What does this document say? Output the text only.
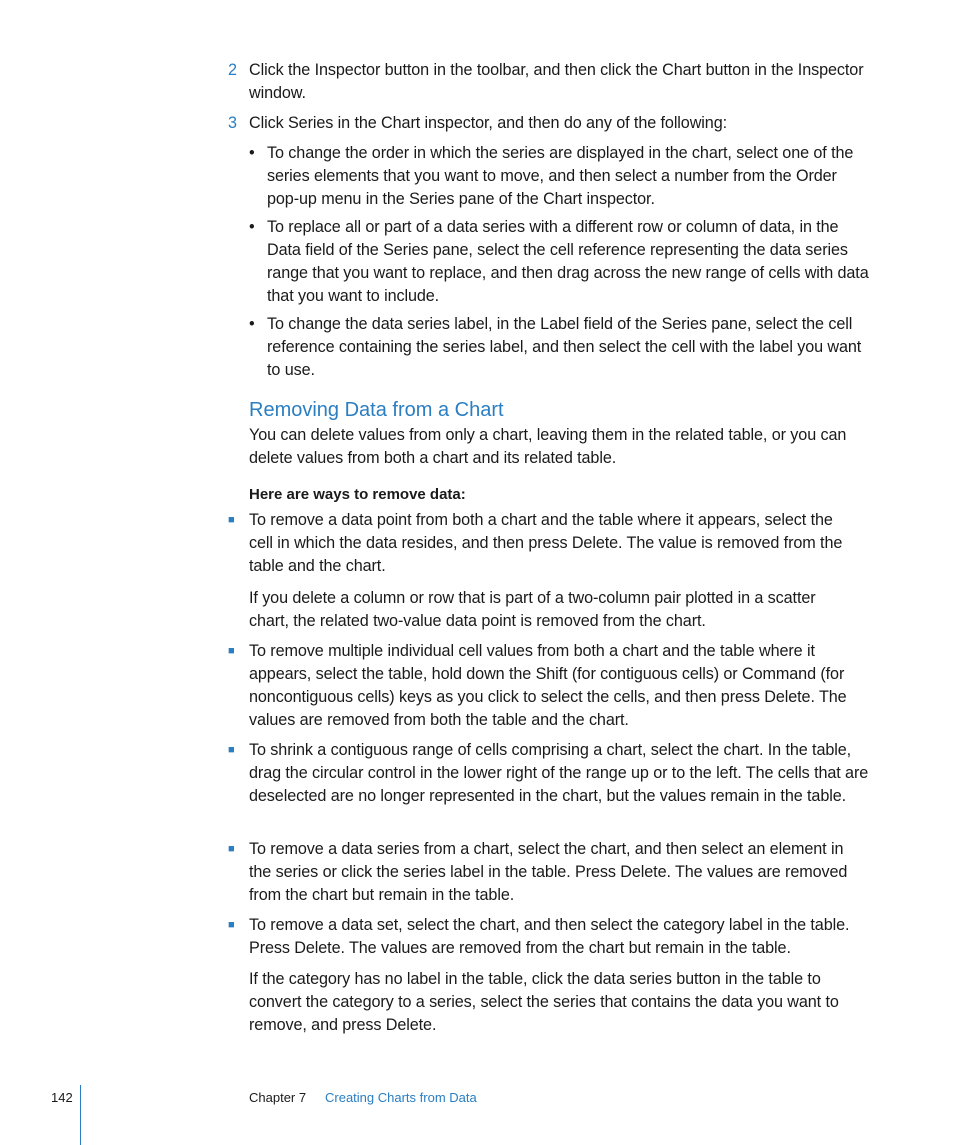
2 Click the Inspector button in the toolbar, and then click the Chart button in the Inspector window.
3 Click Series in the Chart inspector, and then do any of the following:
• To change the order in which the series are displayed in the chart, select one of the series elements that you want to move, and then select a number from the Order pop-up menu in the Series pane of the Chart inspector.
• To replace all or part of a data series with a different row or column of data, in the Data field of the Series pane, select the cell reference representing the data series range that you want to replace, and then drag across the new range of cells with data that you want to include.
• To change the data series label, in the Label field of the Series pane, select the cell reference containing the series label, and then select the cell with the label you want to use.
Removing Data from a Chart
You can delete values from only a chart, leaving them in the related table, or you can delete values from both a chart and its related table.
Here are ways to remove data:
■ To remove a data point from both a chart and the table where it appears, select the cell in which the data resides, and then press Delete. The value is removed from the table and the chart.
If you delete a column or row that is part of a two-column pair plotted in a scatter chart, the related two-value data point is removed from the chart.
■ To remove multiple individual cell values from both a chart and the table where it appears, select the table, hold down the Shift (for contiguous cells) or Command (for noncontiguous cells) keys as you click to select the cells, and then press Delete. The values are removed from both the table and the chart.
■ To shrink a contiguous range of cells comprising a chart, select the chart. In the table, drag the circular control in the lower right of the range up or to the left. The cells that are deselected are no longer represented in the chart, but the values remain in the table.
■ To remove a data series from a chart, select the chart, and then select an element in the series or click the series label in the table. Press Delete. The values are removed from the chart but remain in the table.
■ To remove a data set, select the chart, and then select the category label in the table. Press Delete. The values are removed from the chart but remain in the table.
If the category has no label in the table, click the data series button in the table to convert the category to a series, select the series that contains the data you want to remove, and press Delete.
142	Chapter 7 Creating Charts from Data
